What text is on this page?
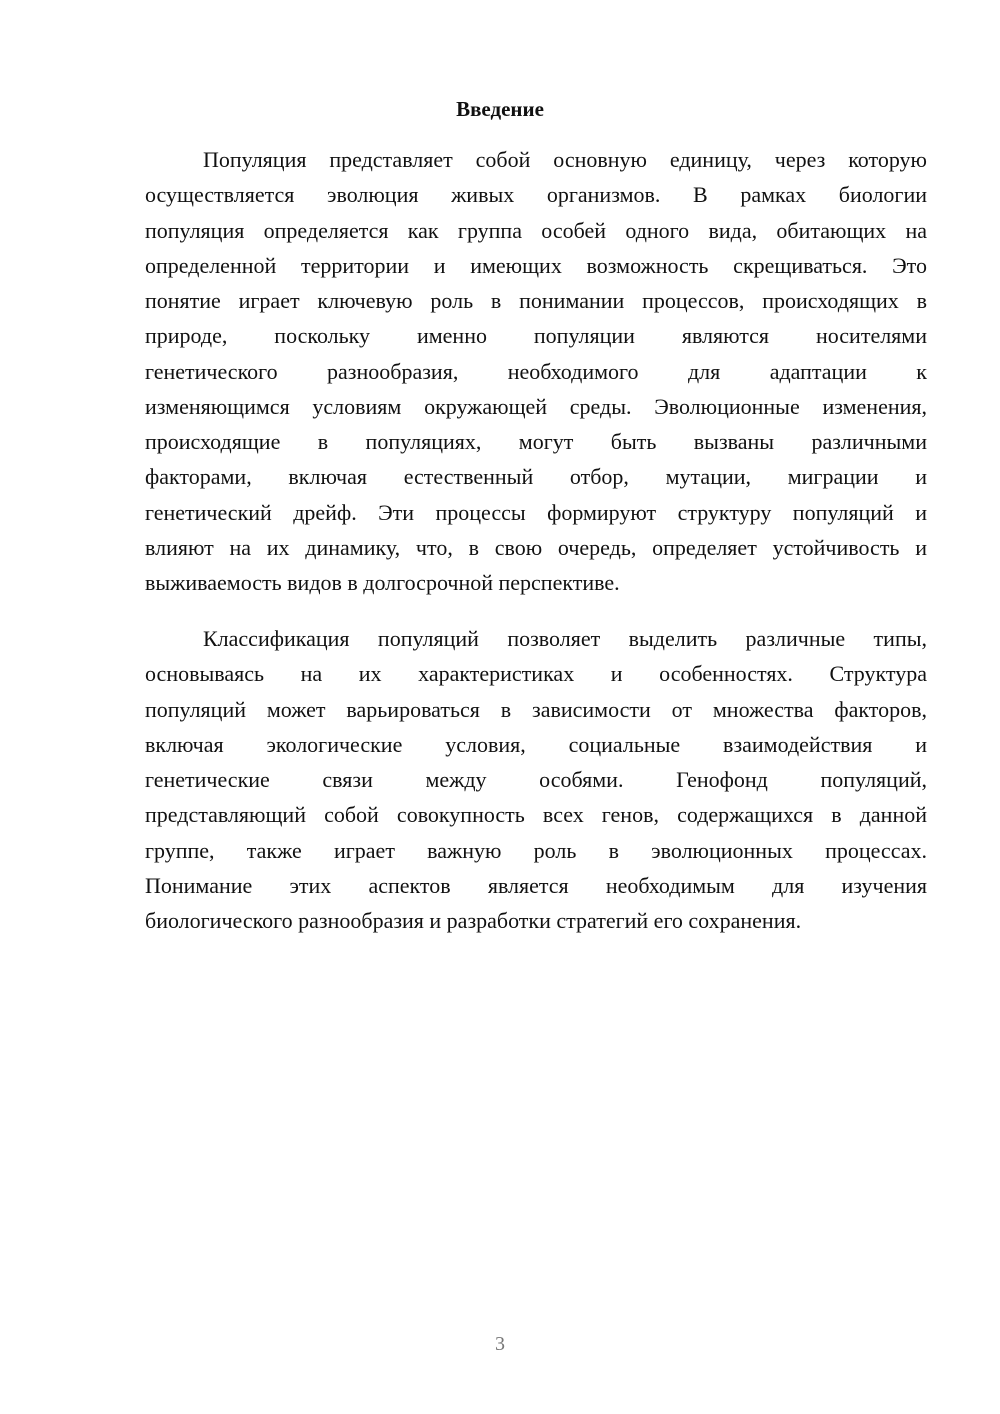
Введение
Популяция представляет собой основную единицу, через которую
осуществляется эволюция живых организмов. В рамках биологии
популяция определяется как группа особей одного вида, обитающих на
определенной территории и имеющих возможность скрещиваться. Это
понятие играет ключевую роль в понимании процессов, происходящих в
природе, поскольку именно популяции являются носителями
генетического разнообразия, необходимого для адаптации к
изменяющимся условиям окружающей среды. Эволюционные изменения,
происходящие в популяциях, могут быть вызваны различными
факторами, включая естественный отбор, мутации, миграции и
генетический дрейф. Эти процессы формируют структуру популяций и
влияют на их динамику, что, в свою очередь, определяет устойчивость и
выживаемость видов в долгосрочной перспективе.
Классификация популяций позволяет выделить различные типы,
основываясь на их характеристиках и особенностях. Структура
популяций может варьироваться в зависимости от множества факторов,
включая экологические условия, социальные взаимодействия и
генетические связи между особями. Генофонд популяций,
представляющий собой совокупность всех генов, содержащихся в данной
группе, также играет важную роль в эволюционных процессах.
Понимание этих аспектов является необходимым для изучения
биологического разнообразия и разработки стратегий его сохранения.
3
